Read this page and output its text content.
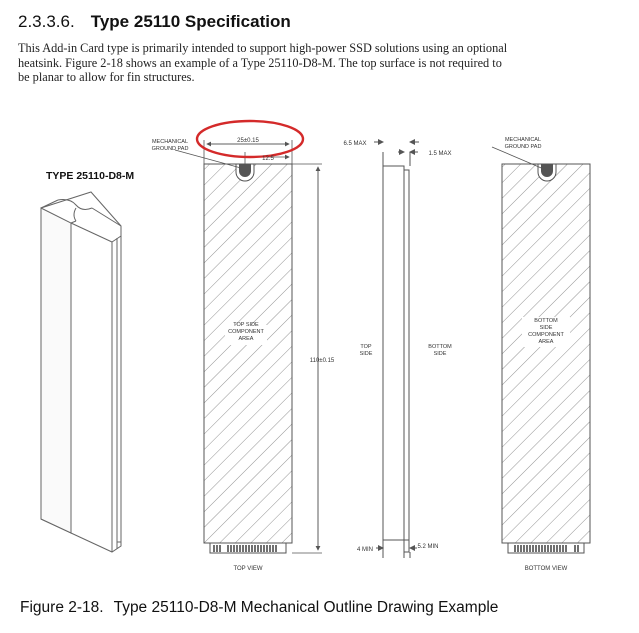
2.3.3.6. Type 25110 Specification
This Add-in Card type is primarily intended to support high-power SSD solutions using an optional
heatsink. Figure 2-18 shows an example of a Type 25110-D8-M. The top surface is not required to
be planar to allow for fin structures.
TYPE 25110-D8-M
MECHANICAL
GROUND PAD
25±0.15
12.5
110±0.15
TOP SIDE
COMPONENT
AREA
TOP VIEW
6.5 MAX
1.5 MAX
TOP
SIDE
BOTTOM
SIDE
4 MIN	5.2 MIN
MECHANICAL
GROUND PAD
BOTTOM
SIDE
COMPONENT
AREA
BOTTOM VIEW
Figure 2-18. Type 25110-D8-M Mechanical Outline Drawing Example
